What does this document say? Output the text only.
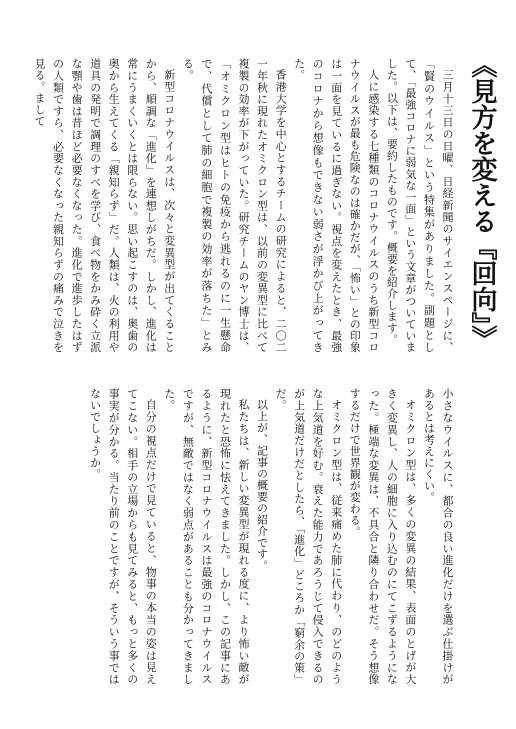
《見方を変える『回向』》

三月十三日の日曜、日経新聞のサイエンスページに、「賢のウイルス」という特集がありました。副題として、「最強コロナに弱気な一面」という文章がついていました。以下は、要約したものです。概要を紹介します。

人に感染する七種類のコロナウイルスのうち新型コロナウイルスが最も危険なのは確かだが、「怖い」との印象は一面を見ているに過ぎない。視点を変えたとき、最強のコロナから想像もできない弱さが浮かび上がってきた。

香港大学を中心とするチームの研究によると、二〇二一年秋に現れたオミクロン型は、以前の変異型に比べて複製の効率が下がっていた。研究チームのヤン博士は、「オミクロン型はヒトの免疫から逃れるのに一生懸命で、代償として肺の細胞で複製の効率が落ちた」とみる。

新型コロナウイルスは、次々と変異型が出てくることから、順調な「進化」を連想しがちだ。しかし、進化は常にうまくいくとは限らない。思い起こすのは、奥歯の奥から生えてくる「親知らず」だ。人類は、火の利用や道具の発明で調理のすべを学び、食べ物をかみ砕く立派な顎や歯は昔ほど必要なくなった。進化で進歩したはずの人類ですら、必要なくなった親知らずの痛みで泣きを見る。まして

小さなウイルスに、都合の良い進化だけを選ぶ仕掛けがあるとは考えにくい。

オミクロン型は、多くの変異の結果、表面のとげが大きく変異し、人の細胞に入り込むのにてこずるようになった。極端な変異は、不具合と隣り合わせだ。そう想像するだけで世界観が変わる。

オミクロン型は、従来痛めた肺に代わり、のどのような上気道を好む。衰えた能力であろうじて侵入できるのが上気道だけだとしたら、「進化」どころか「窮余の策」だ。

以上が、記事の概要の紹介です。

私たちは、新しい変異型が現れる度に、より怖い敵が現れたと恐怖に怯えてきました。しかし、この記事にあるように、新型コロナウイルスは最強のコロナウイルスですが、無敵ではなく弱点があることも分かってきました。

自分の視点だけで見ていると、物事の本当の姿は見えてこない。相手の立場からも見てみると、もっと多くの事実が分かる。当たり前のことですが、そういう事ではないでしょうか。
